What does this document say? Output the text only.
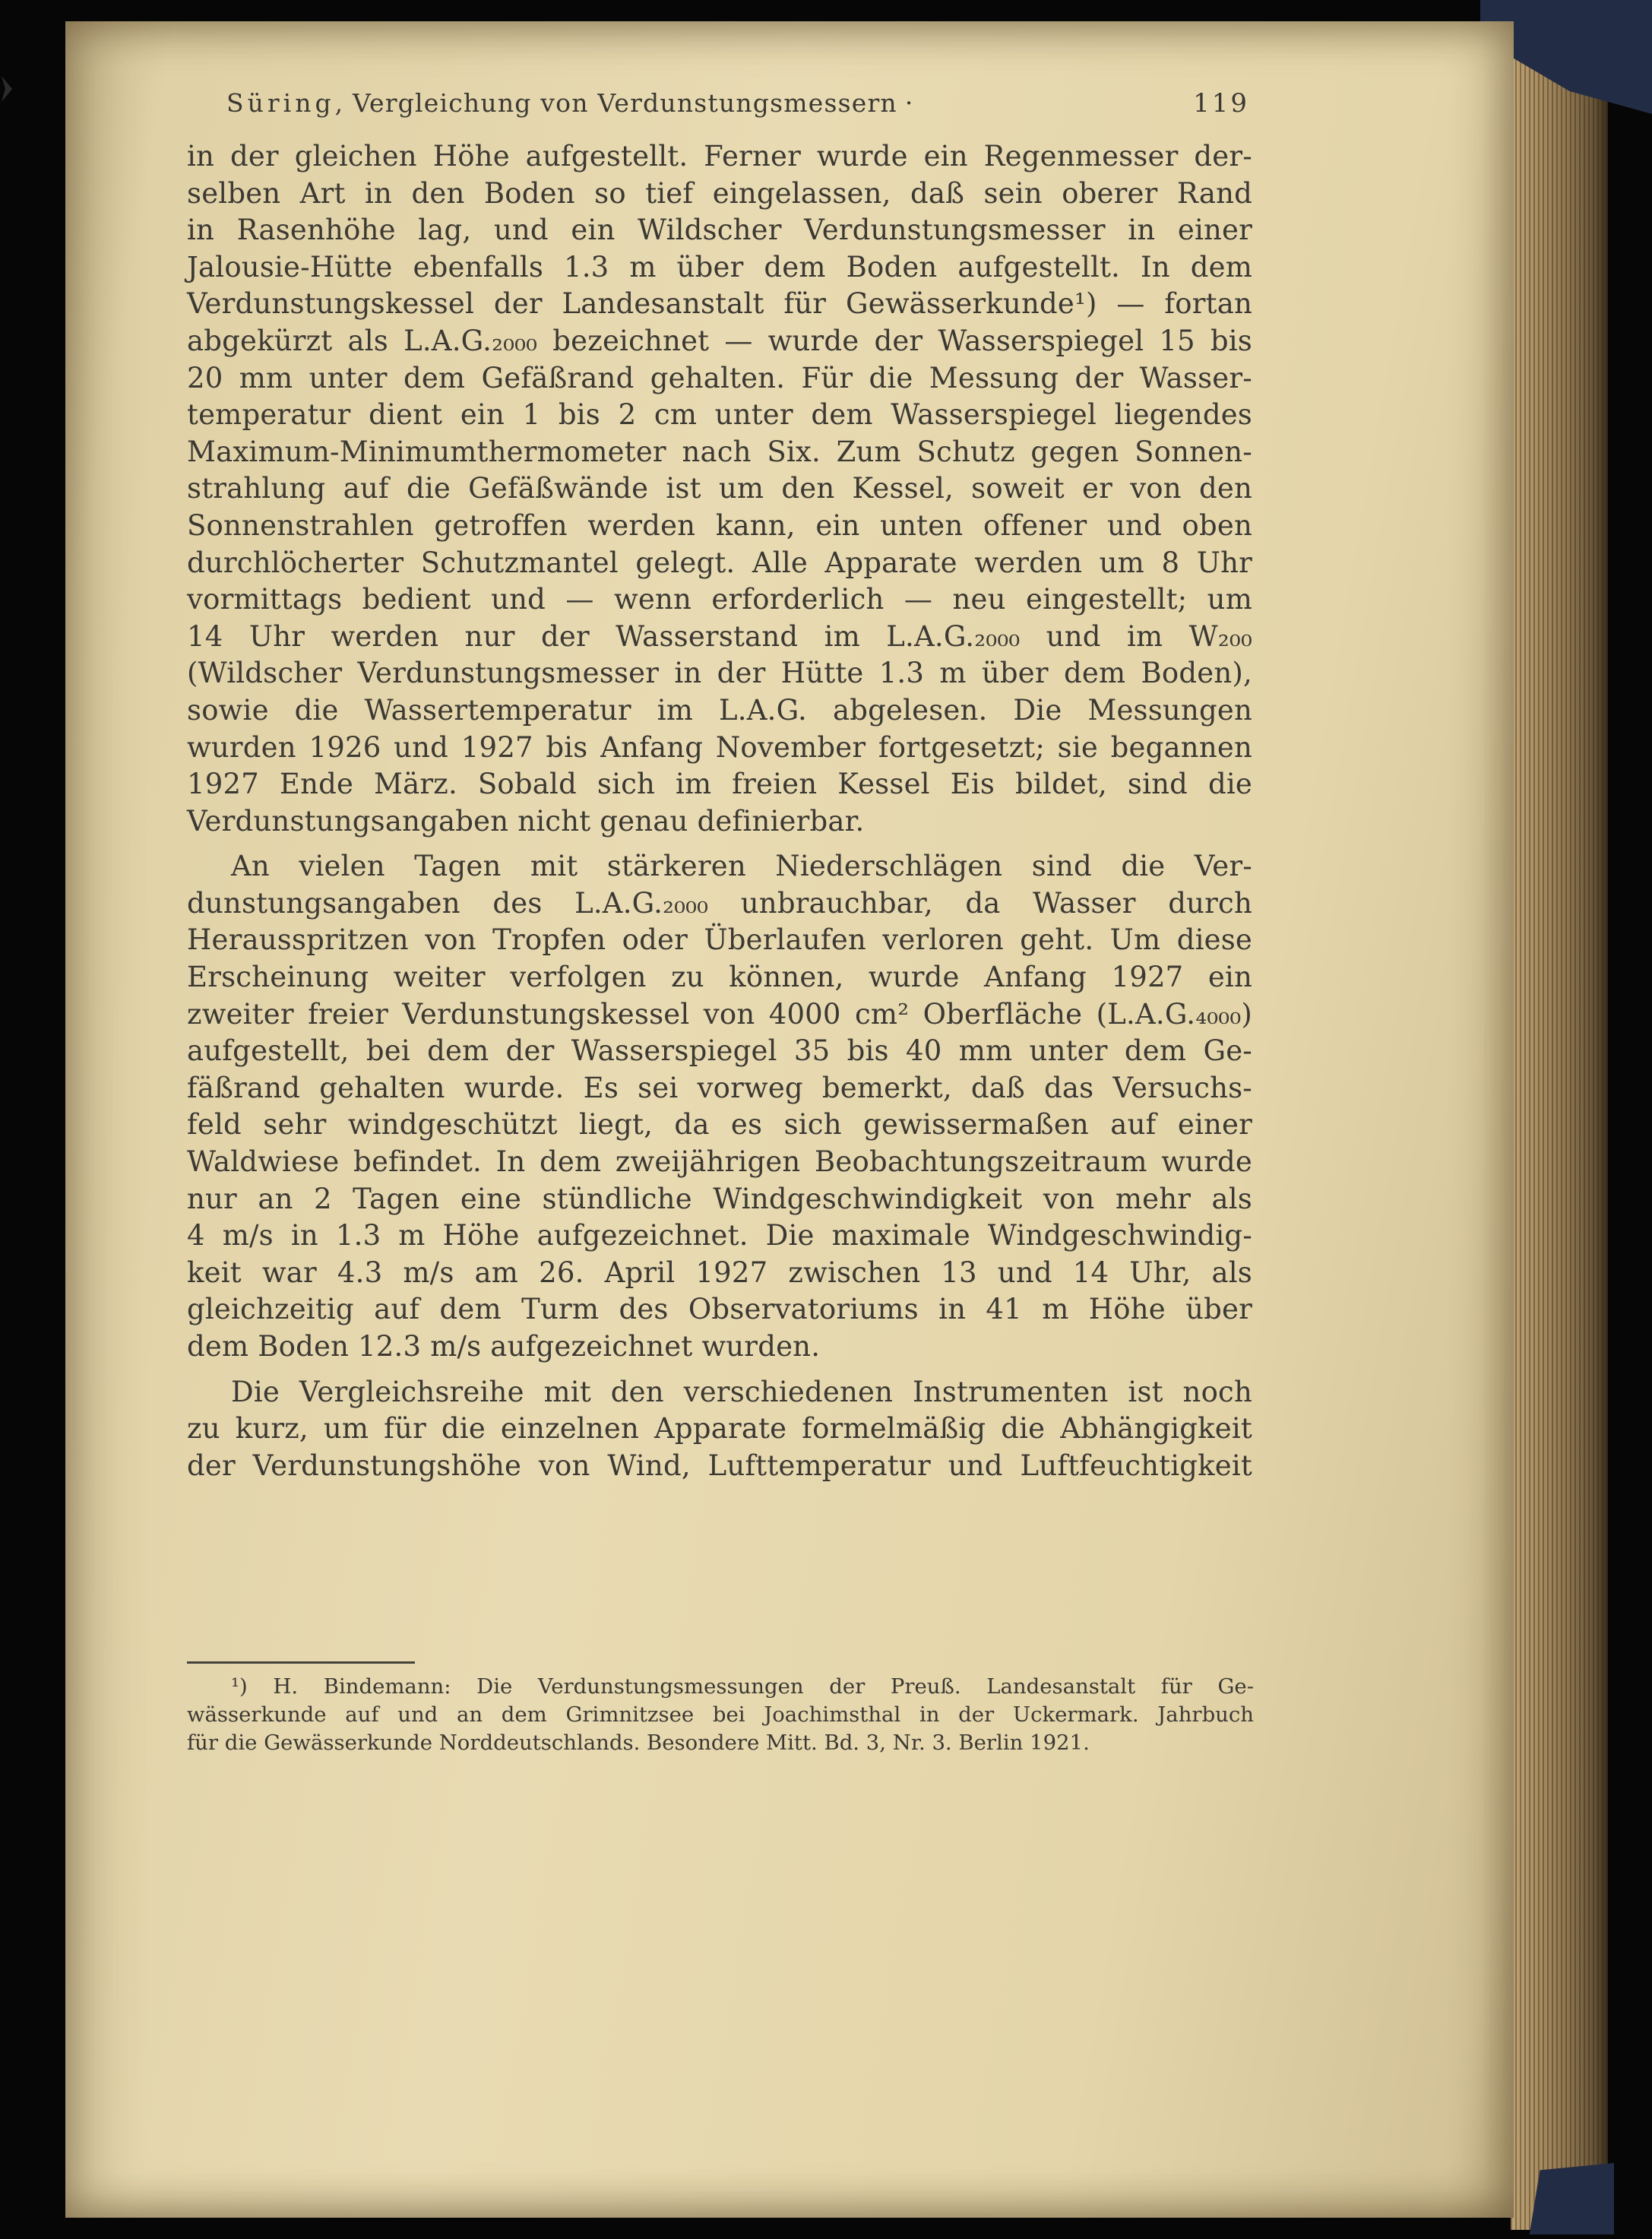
Süring, Vergleichung von Verdunstungsmessern ·	119
in der gleichen Höhe aufgestellt. Ferner wurde ein Regenmesser der-
selben Art in den Boden so tief eingelassen, daß sein oberer Rand
in Rasenhöhe lag, und ein Wildscher Verdunstungsmesser in einer
Jalousie-Hütte ebenfalls 1.3 m über dem Boden aufgestellt. In dem
Verdunstungskessel der Landesanstalt für Gewässerkunde¹) — fortan
abgekürzt als L.A.G.₂₀₀₀ bezeichnet — wurde der Wasserspiegel 15 bis
20 mm unter dem Gefäßrand gehalten. Für die Messung der Wasser-
temperatur dient ein 1 bis 2 cm unter dem Wasserspiegel liegendes
Maximum-Minimumthermometer nach Six. Zum Schutz gegen Sonnen-
strahlung auf die Gefäßwände ist um den Kessel, soweit er von den
Sonnenstrahlen getroffen werden kann, ein unten offener und oben
durchlöcherter Schutzmantel gelegt. Alle Apparate werden um 8 Uhr
vormittags bedient und — wenn erforderlich — neu eingestellt; um
14 Uhr werden nur der Wasserstand im L.A.G.₂₀₀₀ und im W₂₀₀
(Wildscher Verdunstungsmesser in der Hütte 1.3 m über dem Boden),
sowie die Wassertemperatur im L.A.G. abgelesen. Die Messungen
wurden 1926 und 1927 bis Anfang November fortgesetzt; sie begannen
1927 Ende März. Sobald sich im freien Kessel Eis bildet, sind die
Verdunstungsangaben nicht genau definierbar.
An vielen Tagen mit stärkeren Niederschlägen sind die Ver-
dunstungsangaben des L.A.G.₂₀₀₀ unbrauchbar, da Wasser durch
Herausspritzen von Tropfen oder Überlaufen verloren geht. Um diese
Erscheinung weiter verfolgen zu können, wurde Anfang 1927 ein
zweiter freier Verdunstungskessel von 4000 cm² Oberfläche (L.A.G.₄₀₀₀)
aufgestellt, bei dem der Wasserspiegel 35 bis 40 mm unter dem Ge-
fäßrand gehalten wurde. Es sei vorweg bemerkt, daß das Versuchs-
feld sehr windgeschützt liegt, da es sich gewissermaßen auf einer
Waldwiese befindet. In dem zweijährigen Beobachtungszeitraum wurde
nur an 2 Tagen eine stündliche Windgeschwindigkeit von mehr als
4 m/s in 1.3 m Höhe aufgezeichnet. Die maximale Windgeschwindig-
keit war 4.3 m/s am 26. April 1927 zwischen 13 und 14 Uhr, als
gleichzeitig auf dem Turm des Observatoriums in 41 m Höhe über
dem Boden 12.3 m/s aufgezeichnet wurden.
Die Vergleichsreihe mit den verschiedenen Instrumenten ist noch
zu kurz, um für die einzelnen Apparate formelmäßig die Abhängigkeit
der Verdunstungshöhe von Wind, Lufttemperatur und Luftfeuchtigkeit
¹) H. Bindemann: Die Verdunstungsmessungen der Preuß. Landesanstalt für Ge-
wässerkunde auf und an dem Grimnitzsee bei Joachimsthal in der Uckermark. Jahrbuch
für die Gewässerkunde Norddeutschlands. Besondere Mitt. Bd. 3, Nr. 3. Berlin 1921.
